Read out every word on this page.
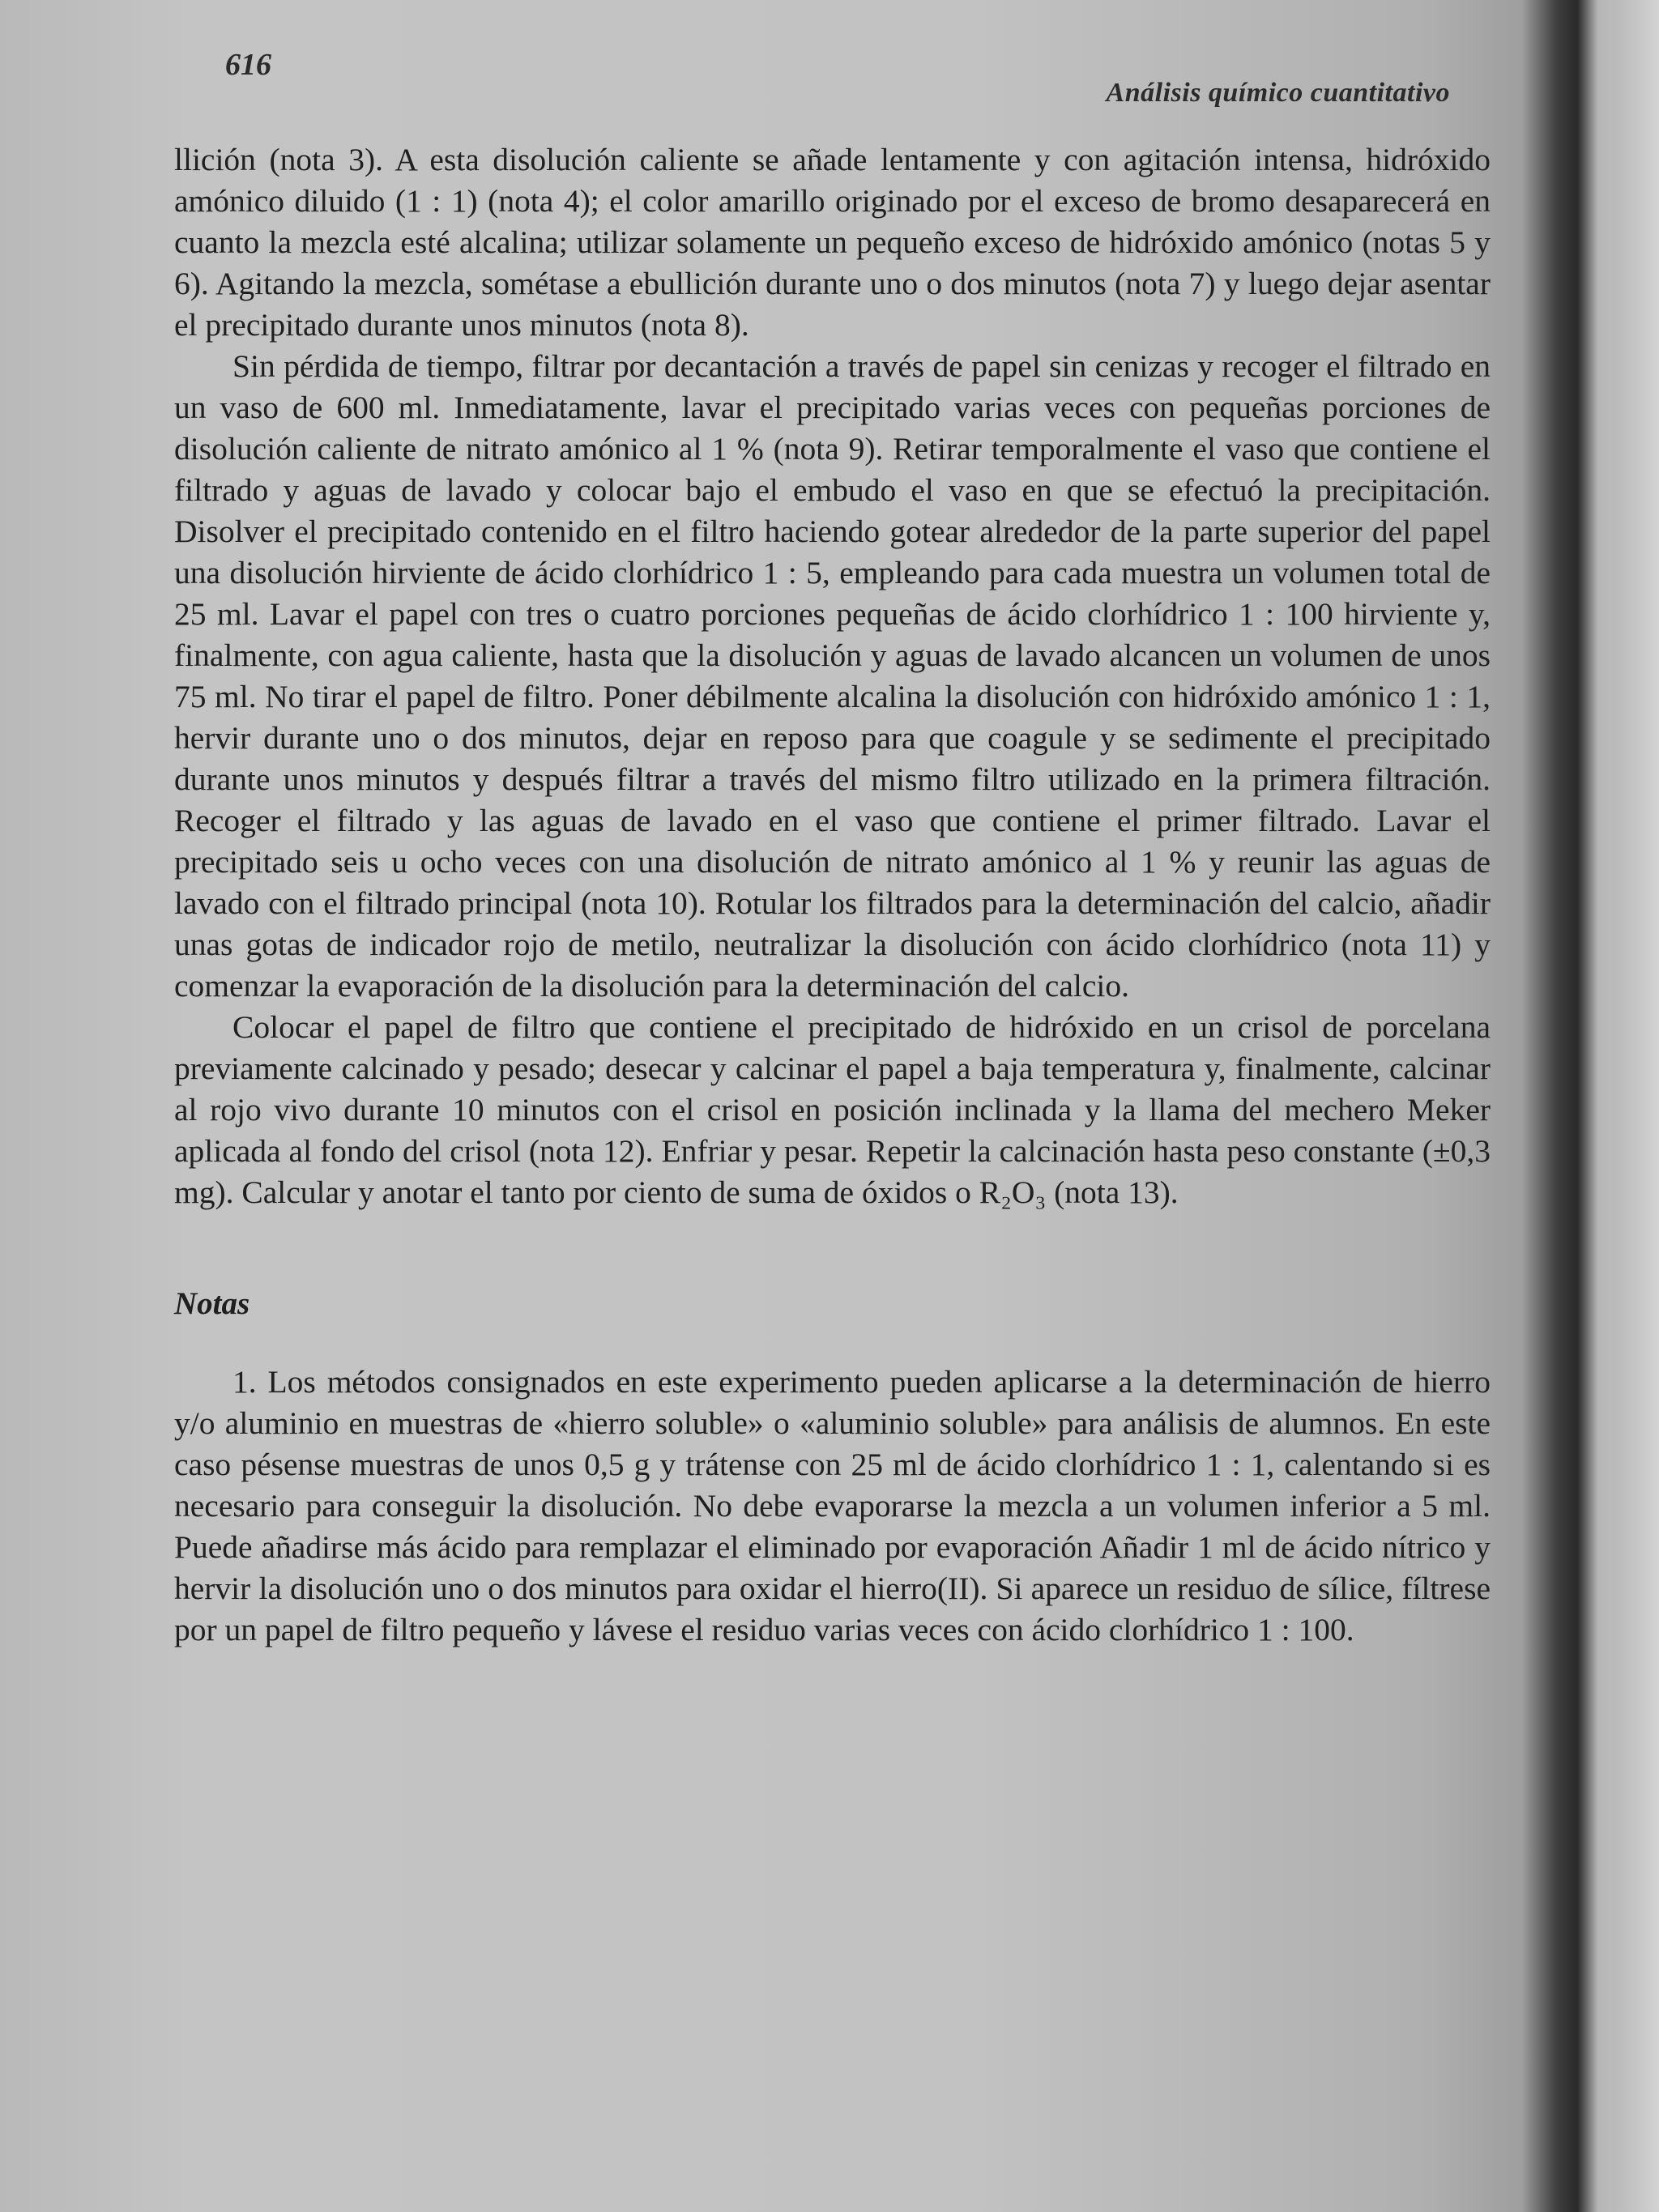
616
Análisis químico cuantitativo

llición (nota 3). A esta disolución caliente se añade lentamente y con agitación intensa, hidróxido amónico diluido (1 : 1) (nota 4); el color amarillo originado por el exceso de bromo desaparecerá en cuanto la mezcla esté alcalina; utilizar solamente un pequeño exceso de hidróxido amónico (notas 5 y 6). Agitando la mezcla, sométase a ebullición durante uno o dos minutos (nota 7) y luego dejar asentar el precipitado durante unos minutos (nota 8).

Sin pérdida de tiempo, filtrar por decantación a través de papel sin cenizas y recoger el filtrado en un vaso de 600 ml. Inmediatamente, lavar el precipitado varias veces con pequeñas porciones de disolución caliente de nitrato amónico al 1 % (nota 9). Retirar temporalmente el vaso que contiene el filtrado y aguas de lavado y colocar bajo el embudo el vaso en que se efectuó la precipitación. Disolver el precipitado contenido en el filtro haciendo gotear alrededor de la parte superior del papel una disolución hirviente de ácido clorhídrico 1 : 5, empleando para cada muestra un volumen total de 25 ml. Lavar el papel con tres o cuatro porciones pequeñas de ácido clorhídrico 1 : 100 hirviente y, finalmente, con agua caliente, hasta que la disolución y aguas de lavado alcancen un volumen de unos 75 ml. No tirar el papel de filtro. Poner débilmente alcalina la disolución con hidróxido amónico 1 : 1, hervir durante uno o dos minutos, dejar en reposo para que coagule y se sedimente el precipitado durante unos minutos y después filtrar a través del mismo filtro utilizado en la primera filtración. Recoger el filtrado y las aguas de lavado en el vaso que contiene el primer filtrado. Lavar el precipitado seis u ocho veces con una disolución de nitrato amónico al 1 % y reunir las aguas de lavado con el filtrado principal (nota 10). Rotular los filtrados para la determinación del calcio, añadir unas gotas de indicador rojo de metilo, neutralizar la disolución con ácido clorhídrico (nota 11) y comenzar la evaporación de la disolución para la determinación del calcio.

Colocar el papel de filtro que contiene el precipitado de hidróxido en un crisol de porcelana previamente calcinado y pesado; desecar y calcinar el papel a baja temperatura y, finalmente, calcinar al rojo vivo durante 10 minutos con el crisol en posición inclinada y la llama del mechero Meker aplicada al fondo del crisol (nota 12). Enfriar y pesar. Repetir la calcinación hasta peso constante (±0,3 mg). Calcular y anotar el tanto por ciento de suma de óxidos o R₂O₃ (nota 13).

Notas

1. Los métodos consignados en este experimento pueden aplicarse a la determinación de hierro y/o aluminio en muestras de «hierro soluble» o «aluminio soluble» para análisis de alumnos. En este caso pésense muestras de unos 0,5 g y trátense con 25 ml de ácido clorhídrico 1 : 1, calentando si es necesario para conseguir la disolución. No debe evaporarse la mezcla a un volumen inferior a 5 ml. Puede añadirse más ácido para remplazar el eliminado por evaporación Añadir 1 ml de ácido nítrico y hervir la disolución uno o dos minutos para oxidar el hierro(II). Si aparece un residuo de sílice, fíltrese por un papel de filtro pequeño y lávese el residuo varias veces con ácido clorhídrico 1 : 100.
